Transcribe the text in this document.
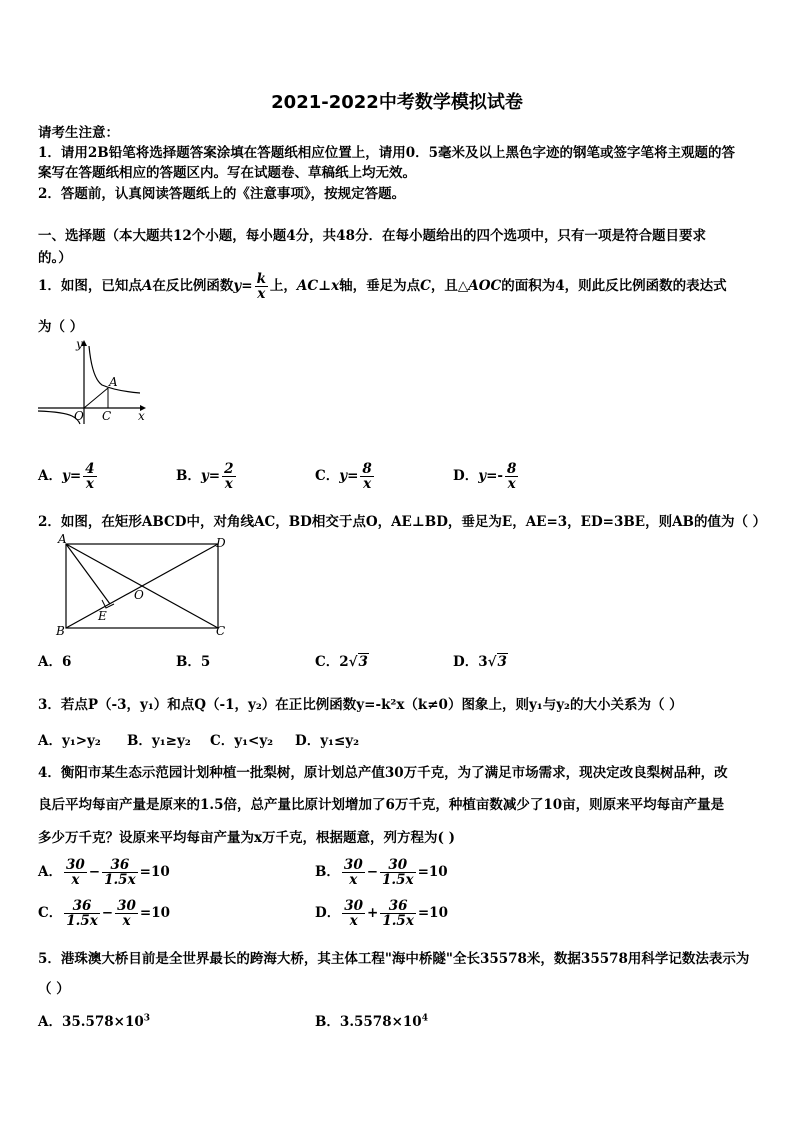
2021-2022中考数学模拟试卷
请考生注意：
1．请用2B铅笔将选择题答案涂填在答题纸相应位置上，请用0．5毫米及以上黑色字迹的钢笔或签字笔将主观题的答
案写在答题纸相应的答题区内。写在试题卷、草稿纸上均无效。
2．答题前，认真阅读答题纸上的《注意事项》，按规定答题。
一、选择题（本大题共12个小题，每小题4分，共48分．在每小题给出的四个选项中，只有一项是符合题目要求
的。）
1．如图，已知点A在反比例函数$y= \frac{k}{x}$ 上，AC⊥x轴，垂足为点C，且△AOC的面积为4，则此反比例函数的表达式
为（ ）
y
A
O C x
A．$y= \frac{4}{x}$	B．$y= \frac{2}{x}$	C．$y= \frac{8}{x}$	D．$y=- \frac{8}{x}$
2．如图，在矩形ABCD中，对角线AC，BD相交于点O，AE⊥BD，垂足为E，AE=3，ED=3BE，则AB的值为（ ）
A
B	C
D
E
O
A．6	B．5	C．2√3	D．3√3
3．若点P（-3，y₁）和点Q（-1，y₂）在正比例函数y=-k²x（k≠0）图象上，则y₁与y₂的大小关系为（ ）
A．y₁>y₂ B．y₁≥y₂ C．y₁<y₂ D．y₁≤y₂
4．衡阳市某生态示范园计划种植一批梨树，原计划总产值30万千克，为了满足市场需求，现决定改良梨树品种，改
良后平均每亩产量是原来的1.5倍，总产量比原计划增加了6万千克，种植亩数减少了10亩，则原来平均每亩产量是
多少万千克？设原来平均每亩产量为x万千克，根据题意，列方程为( )
A． $\frac{30}{x} - \frac{36}{1.5x} =10$	B． $\frac{30}{x} - \frac{30}{1.5x} =10$
C． $\frac{36}{1.5x} - \frac{30}{x} =10$	D． $\frac{30}{x} + \frac{36}{1.5x} =10$
5．港珠澳大桥目前是全世界最长的跨海大桥，其主体工程"海中桥隧"全长35578米，数据35578用科学记数法表示为
（ ）
A．$35.578\times 10^3$	B．$3.5578\times 10^4$
